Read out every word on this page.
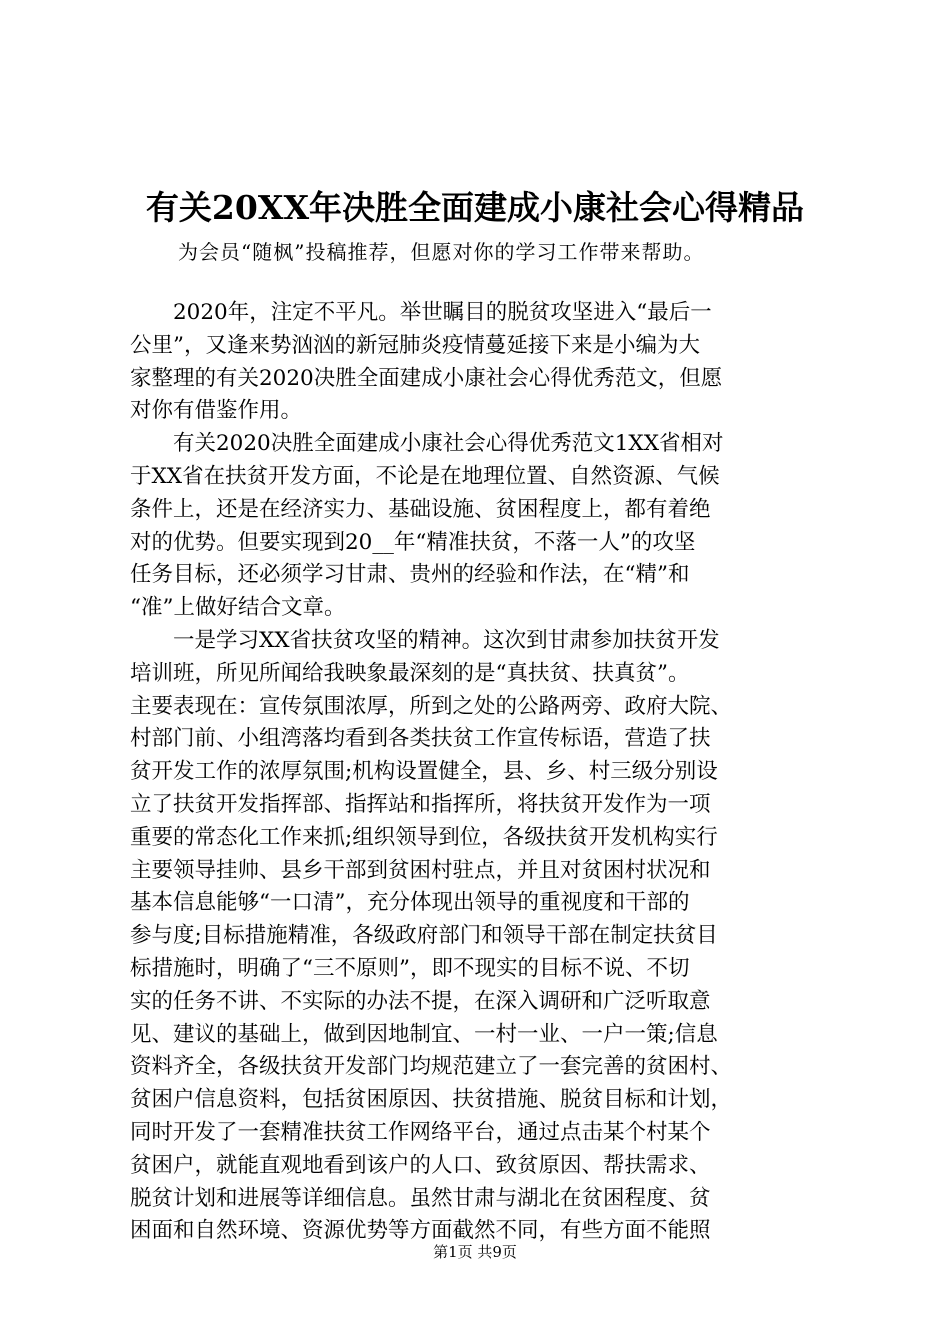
有关20XX年决胜全面建成小康社会心得精品
为会员“随枫”投稿推荐，但愿对你的学习工作带来帮助。
2020年，注定不平凡。举世瞩目的脱贫攻坚进入“最后一
公里”，又逢来势汹汹的新冠肺炎疫情蔓延接下来是小编为大
家整理的有关2020决胜全面建成小康社会心得优秀范文，但愿
对你有借鉴作用。
有关2020决胜全面建成小康社会心得优秀范文1XX省相对
于XX省在扶贫开发方面，不论是在地理位置、自然资源、气候
条件上，还是在经济实力、基础设施、贫困程度上，都有着绝
对的优势。但要实现到20__年“精准扶贫，不落一人”的攻坚
任务目标，还必须学习甘肃、贵州的经验和作法，在“精”和
“准”上做好结合文章。
一是学习XX省扶贫攻坚的精神。这次到甘肃参加扶贫开发
培训班，所见所闻给我映象最深刻的是“真扶贫、扶真贫”。
主要表现在：宣传氛围浓厚，所到之处的公路两旁、政府大院、
村部门前、小组湾落均看到各类扶贫工作宣传标语，营造了扶
贫开发工作的浓厚氛围;机构设置健全，县、乡、村三级分别设
立了扶贫开发指挥部、指挥站和指挥所，将扶贫开发作为一项
重要的常态化工作来抓;组织领导到位，各级扶贫开发机构实行
主要领导挂帅、县乡干部到贫困村驻点，并且对贫困村状况和
基本信息能够“一口清”，充分体现出领导的重视度和干部的
参与度;目标措施精准，各级政府部门和领导干部在制定扶贫目
标措施时，明确了“三不原则”，即不现实的目标不说、不切
实的任务不讲、不实际的办法不提，在深入调研和广泛听取意
见、建议的基础上，做到因地制宜、一村一业、一户一策;信息
资料齐全，各级扶贫开发部门均规范建立了一套完善的贫困村、
贫困户信息资料，包括贫困原因、扶贫措施、脱贫目标和计划，
同时开发了一套精准扶贫工作网络平台，通过点击某个村某个
贫困户，就能直观地看到该户的人口、致贫原因、帮扶需求、
脱贫计划和进展等详细信息。虽然甘肃与湖北在贫困程度、贫
困面和自然环境、资源优势等方面截然不同，有些方面不能照
第1页 共9页
